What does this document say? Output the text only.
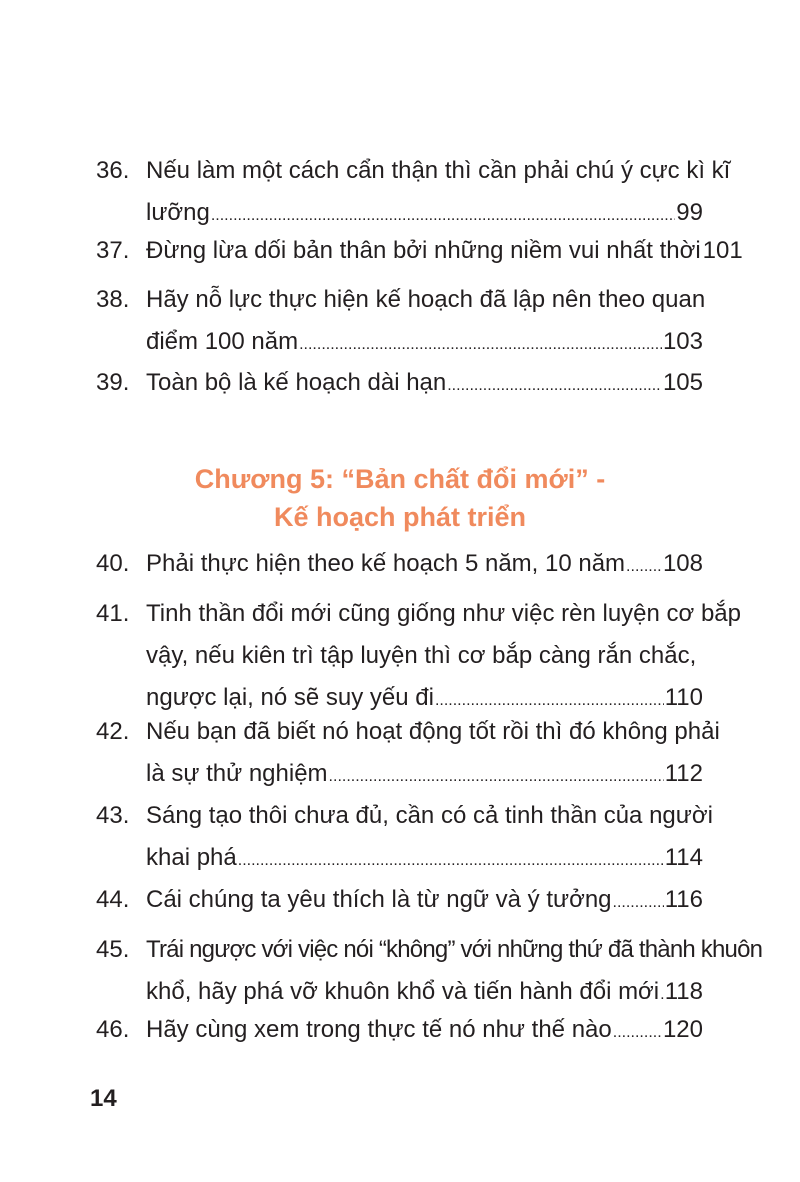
36. Nếu làm một cách cẩn thận thì cần phải chú ý cực kì kĩ
lưỡng .....	99
37. Đừng lừa dối bản thân bởi những niềm vui nhất thời 101
38. Hãy nỗ lực thực hiện kế hoạch đã lập nên theo quan
điểm 100 năm .....	103
39. Toàn bộ là kế hoạch dài hạn .....	105
Chương 5: “Bản chất đổi mới” -
Kế hoạch phát triển
40. Phải thực hiện theo kế hoạch 5 năm, 10 năm ..... 108
41. Tinh thần đổi mới cũng giống như việc rèn luyện cơ bắp
vậy, nếu kiên trì tập luyện thì cơ bắp càng rắn chắc,
ngược lại, nó sẽ suy yếu đi .....	110
42. Nếu bạn đã biết nó hoạt động tốt rồi thì đó không phải
là sự thử nghiệm .....	112
43. Sáng tạo thôi chưa đủ, cần có cả tinh thần của người
khai phá .....	114
44. Cái chúng ta yêu thích là từ ngữ và ý tưởng ..... 116
45. Trái ngược với việc nói “không” với những thứ đã thành khuôn
khổ, hãy phá vỡ khuôn khổ và tiến hành đổi mới ..... 118
46. Hãy cùng xem trong thực tế nó như thế nào ..... 120
14
